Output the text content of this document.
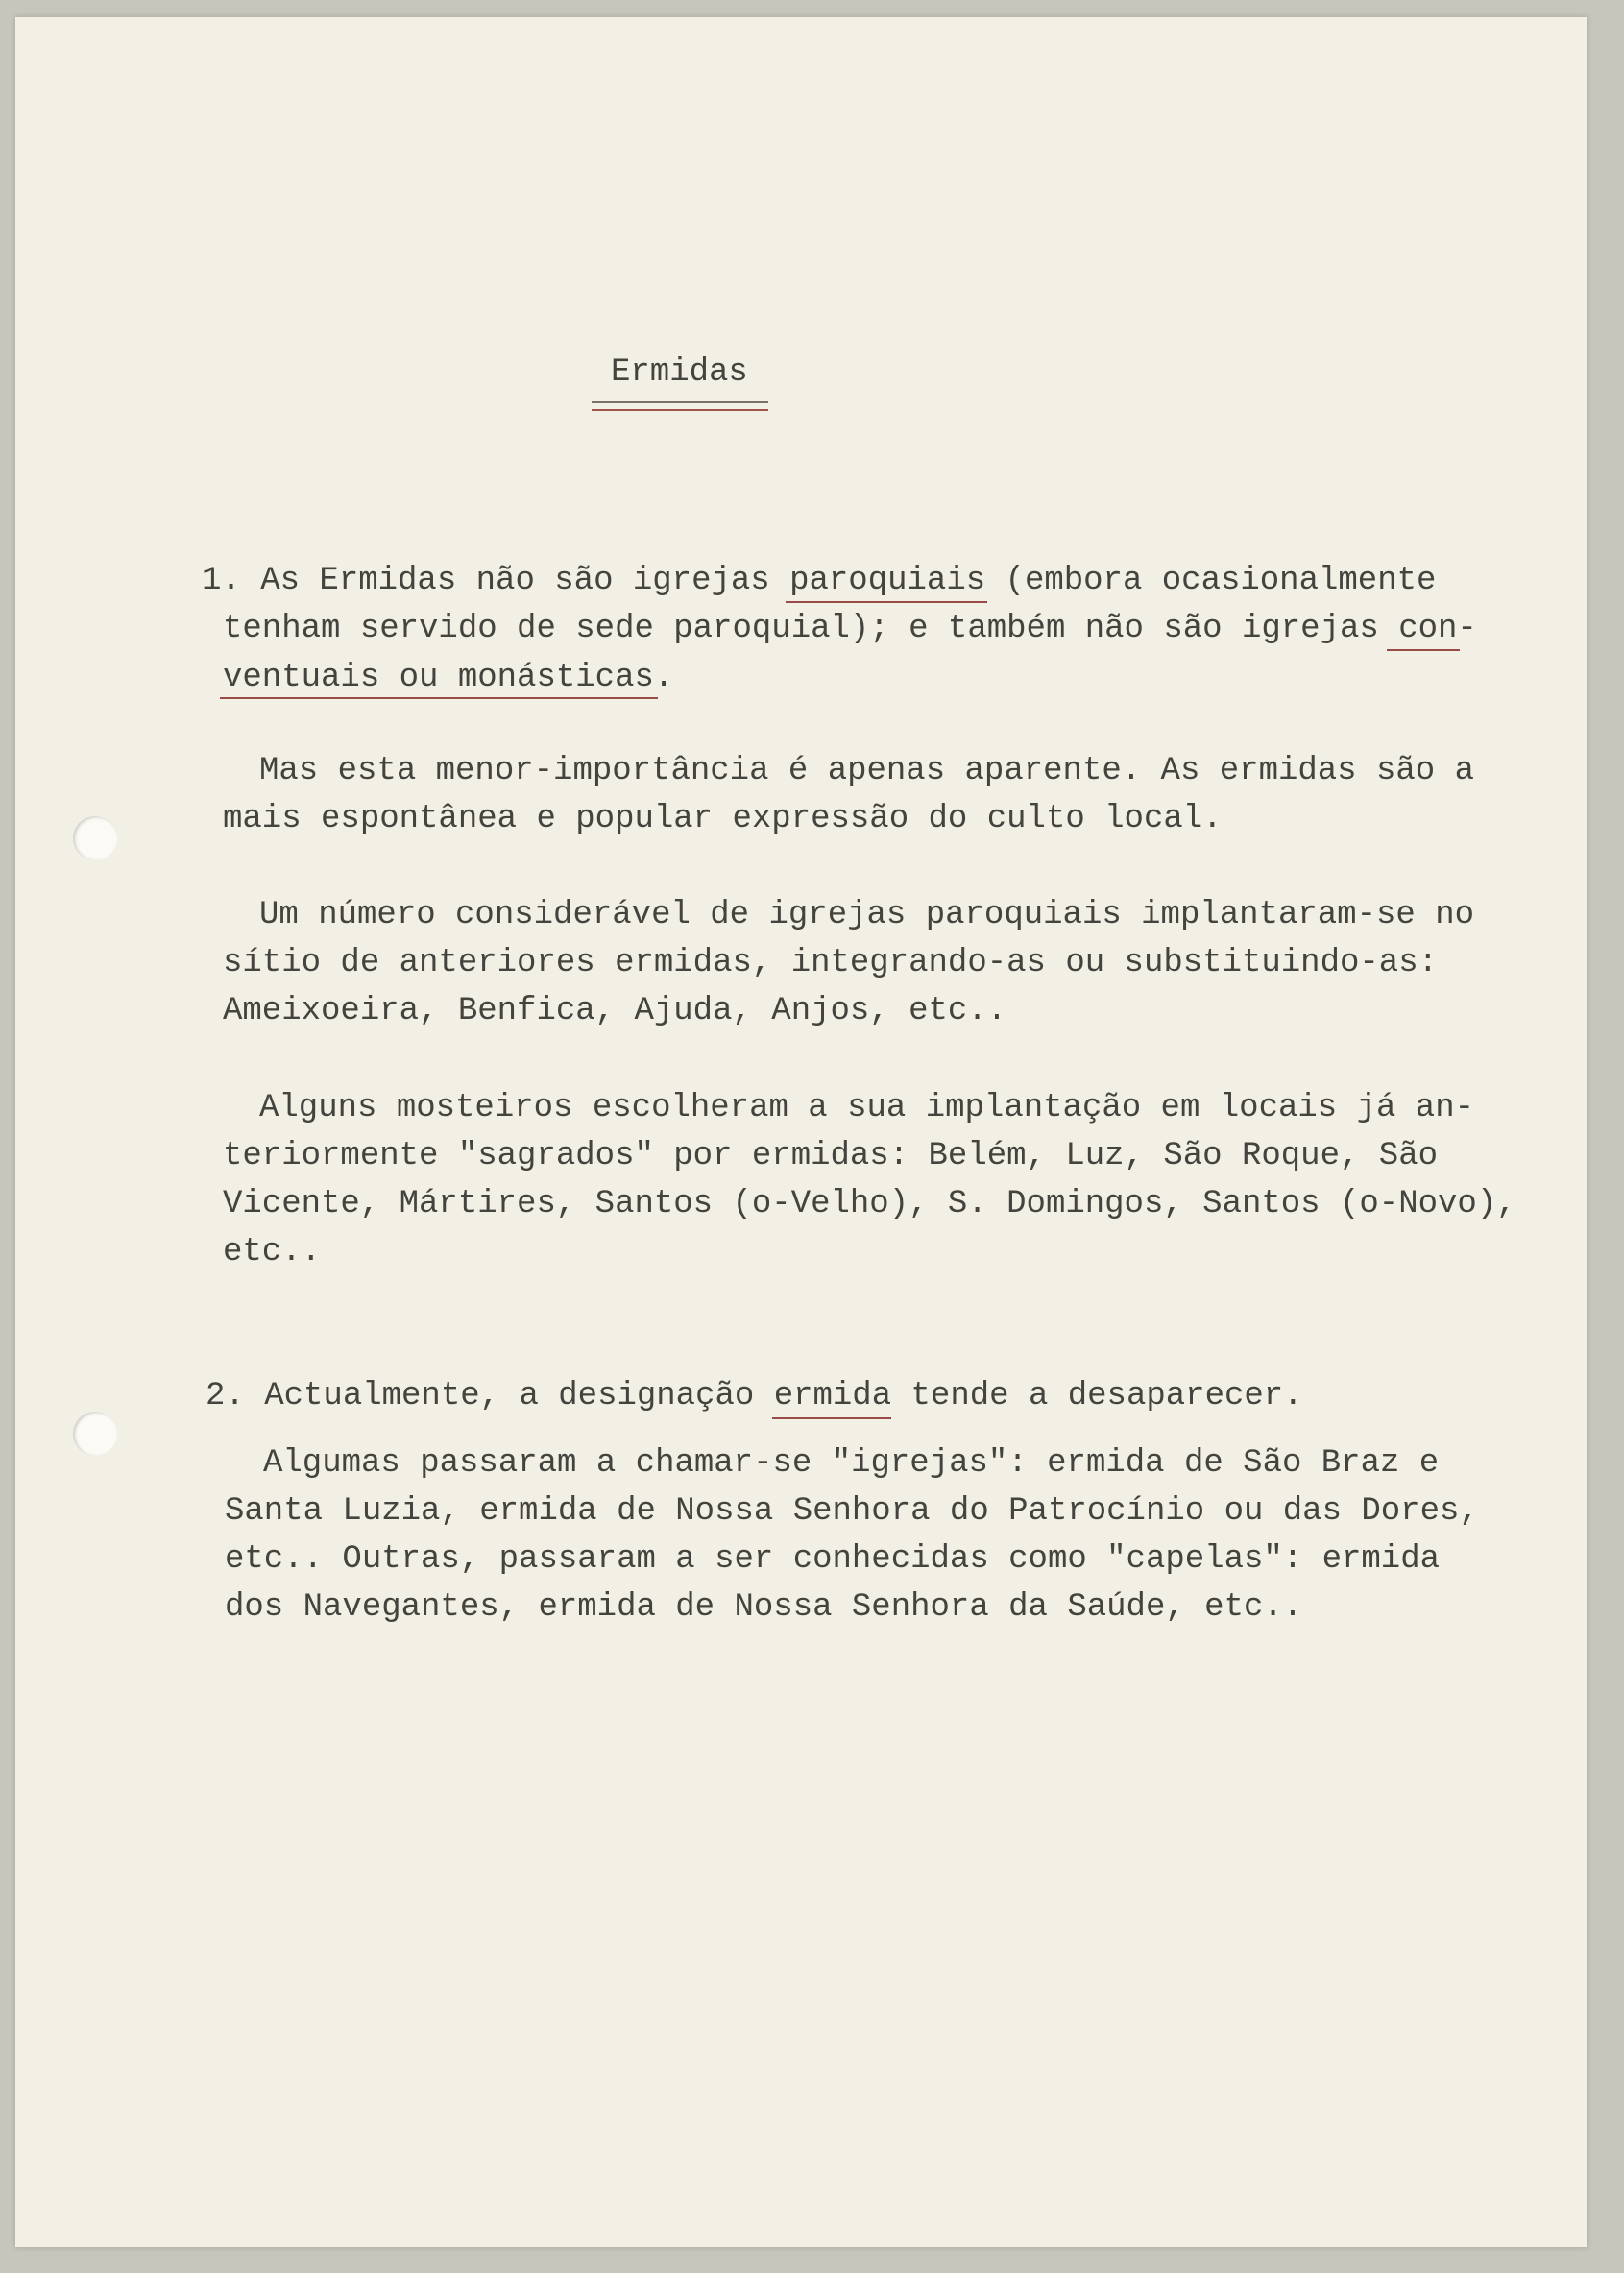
Ermidas
1. As Ermidas não são igrejas paroquiais (embora ocasionalmente
tenham servido de sede paroquial); e também não são igrejas con-
ventuais ou monásticas.
Mas esta menor-importância é apenas aparente. As ermidas são a
mais espontânea e popular expressão do culto local.
Um número considerável de igrejas paroquiais implantaram-se no
sítio de anteriores ermidas, integrando-as ou substituindo-as:
Ameixoeira, Benfica, Ajuda, Anjos, etc..
Alguns mosteiros escolheram a sua implantação em locais já an-
teriormente "sagrados" por ermidas: Belém, Luz, São Roque, São
Vicente, Mártires, Santos (o-Velho), S. Domingos, Santos (o-Novo),
etc..
2. Actualmente, a designação ermida tende a desaparecer.
Algumas passaram a chamar-se "igrejas": ermida de São Braz e
Santa Luzia, ermida de Nossa Senhora do Patrocínio ou das Dores,
etc.. Outras, passaram a ser conhecidas como "capelas": ermida
dos Navegantes, ermida de Nossa Senhora da Saúde, etc..
